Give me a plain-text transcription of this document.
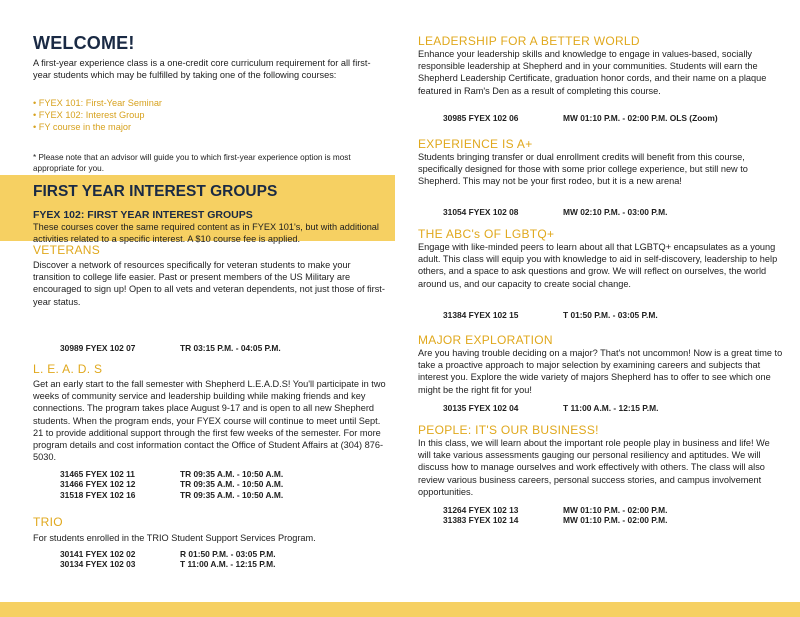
WELCOME!

A first-year experience class is a one-credit core curriculum requirement for all first- year students which may be fulfilled by taking one of the following courses:

• FYEX 101: First-Year Seminar
• FYEX 102: Interest Group
• FY course in the major

* Please note that an advisor will guide you to which first-year experience option is most appropriate for you.

FIRST YEAR INTEREST GROUPS
FYEX 102: FIRST YEAR INTEREST GROUPS

These courses cover the same required content as in FYEX 101's, but with additional activities related to a specific interest. A $10 course fee is applied.

VETERANS

Discover a network of resources specifically for veteran students to make your transition to college life easier. Past or present members of the US Military are encouraged to sign up! Open to all vets and veteran dependents, not just those of first-year status.

30989 FYEX 102 07	TR 03:15 P.M. - 04:05 P.M.
L. E. A. D. S

Get an early start to the fall semester with Shepherd L.E.A.D.S! You'll participate in two weeks of community service and leadership building while making friends and key connections. The program takes place August 9-17 and is open to all new Shepherd students. When the program ends, your FYEX course will continue to meet until Sept. 21 to provide additional support through the first few weeks of the semester. For more program details and cost information contact the Office of Student Affairs at (304) 876-5030.

31465 FYEX 102 11	TR 09:35 A.M. - 10:50 A.M.
31466 FYEX 102 12	TR 09:35 A.M. - 10:50 A.M.
31518 FYEX 102 16	TR 09:35 A.M. - 10:50 A.M.
TRIO

For students enrolled in the TRIO Student Support Services Program.

30141 FYEX 102 02	R 01:50 P.M. - 03:05 P.M.
30134 FYEX 102 03	T 11:00 A.M. - 12:15 P.M.
LEADERSHIP FOR A BETTER WORLD

Enhance your leadership skills and knowledge to engage in values-based, socially responsible leadership at Shepherd and in your communities. Students will earn the Shepherd Leadership Certificate, graduation honor cords, and their name on a plaque featured in Ram's Den as a result of completing this course.

30985 FYEX 102 06	MW 01:10 P.M. - 02:00 P.M. OLS (Zoom)
EXPERIENCE IS A+

Students bringing transfer or dual enrollment credits will benefit from this course, specifically designed for those with some prior college experience, but still new to Shepherd. This may not be your first rodeo, but it is a new arena!

31054 FYEX 102 08	MW 02:10 P.M. - 03:00 P.M.
THE ABC's OF LGBTQ+

Engage with like-minded peers to learn about all that LGBTQ+ encapsulates as a young adult. This class will equip you with knowledge to aid in self-discovery, leadership to help others, and a space to ask questions and grow. We will reflect on ourselves, the world around us, and our capacity to create social change.

31384 FYEX 102 15	T 01:50 P.M. - 03:05 P.M.
MAJOR EXPLORATION

Are you having trouble deciding on a major? That's not uncommon! Now is a great time to take a proactive approach to major selection by examining careers and subjects that interest you. Explore the wide variety of majors Shepherd has to offer to see which one might be the right fit for you!

30135 FYEX 102 04	T 11:00 A.M. - 12:15 P.M.
PEOPLE: IT'S OUR BUSINESS!

In this class, we will learn about the important role people play in business and life! We will take various assessments gauging our personal resiliency and aptitudes. We will discuss how to manage ourselves and work effectively with others. The class will also review various business careers, personal success stories, and campus involvement opportunities.

31264 FYEX 102 13	MW 01:10 P.M. - 02:00 P.M.
31383 FYEX 102 14	MW 01:10 P.M. - 02:00 P.M.
